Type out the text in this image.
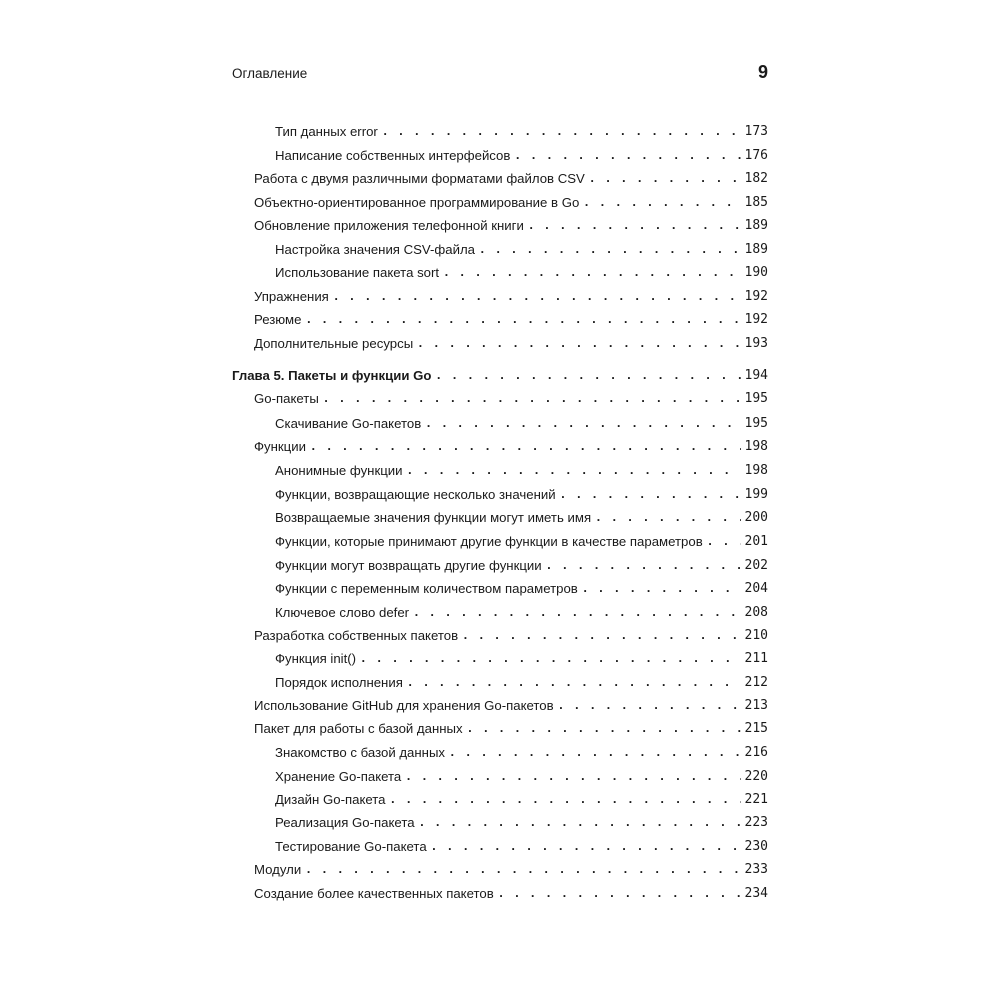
Оглавление	9
Тип данных error . . .	173
Написание собственных интерфейсов . . .	176
Работа с двумя различными форматами файлов CSV . . .	182
Объектно-ориентированное программирование в Go . . .	185
Обновление приложения телефонной книги . . .	189
Настройка значения CSV-файла . . .	189
Использование пакета sort . . .	190
Упражнения . . .	192
Резюме . . .	192
Дополнительные ресурсы . . .	193
Глава 5. Пакеты и функции Go . . .	194
Go-пакеты . . .	195
Скачивание Go-пакетов . . .	195
Функции . . .	198
Анонимные функции . . .	198
Функции, возвращающие несколько значений . . .	199
Возвращаемые значения функции могут иметь имя . . .	200
Функции, которые принимают другие функции в качестве параметров . . .	201
Функции могут возвращать другие функции . . .	202
Функции с переменным количеством параметров . . .	204
Ключевое слово defer . . .	208
Разработка собственных пакетов . . .	210
Функция init() . . .	211
Порядок исполнения . . .	212
Использование GitHub для хранения Go-пакетов . . .	213
Пакет для работы с базой данных . . .	215
Знакомство с базой данных . . .	216
Хранение Go-пакета . . .	220
Дизайн Go-пакета . . .	221
Реализация Go-пакета . . .	223
Тестирование Go-пакета . . .	230
Модули . . .	233
Создание более качественных пакетов . . .	234
